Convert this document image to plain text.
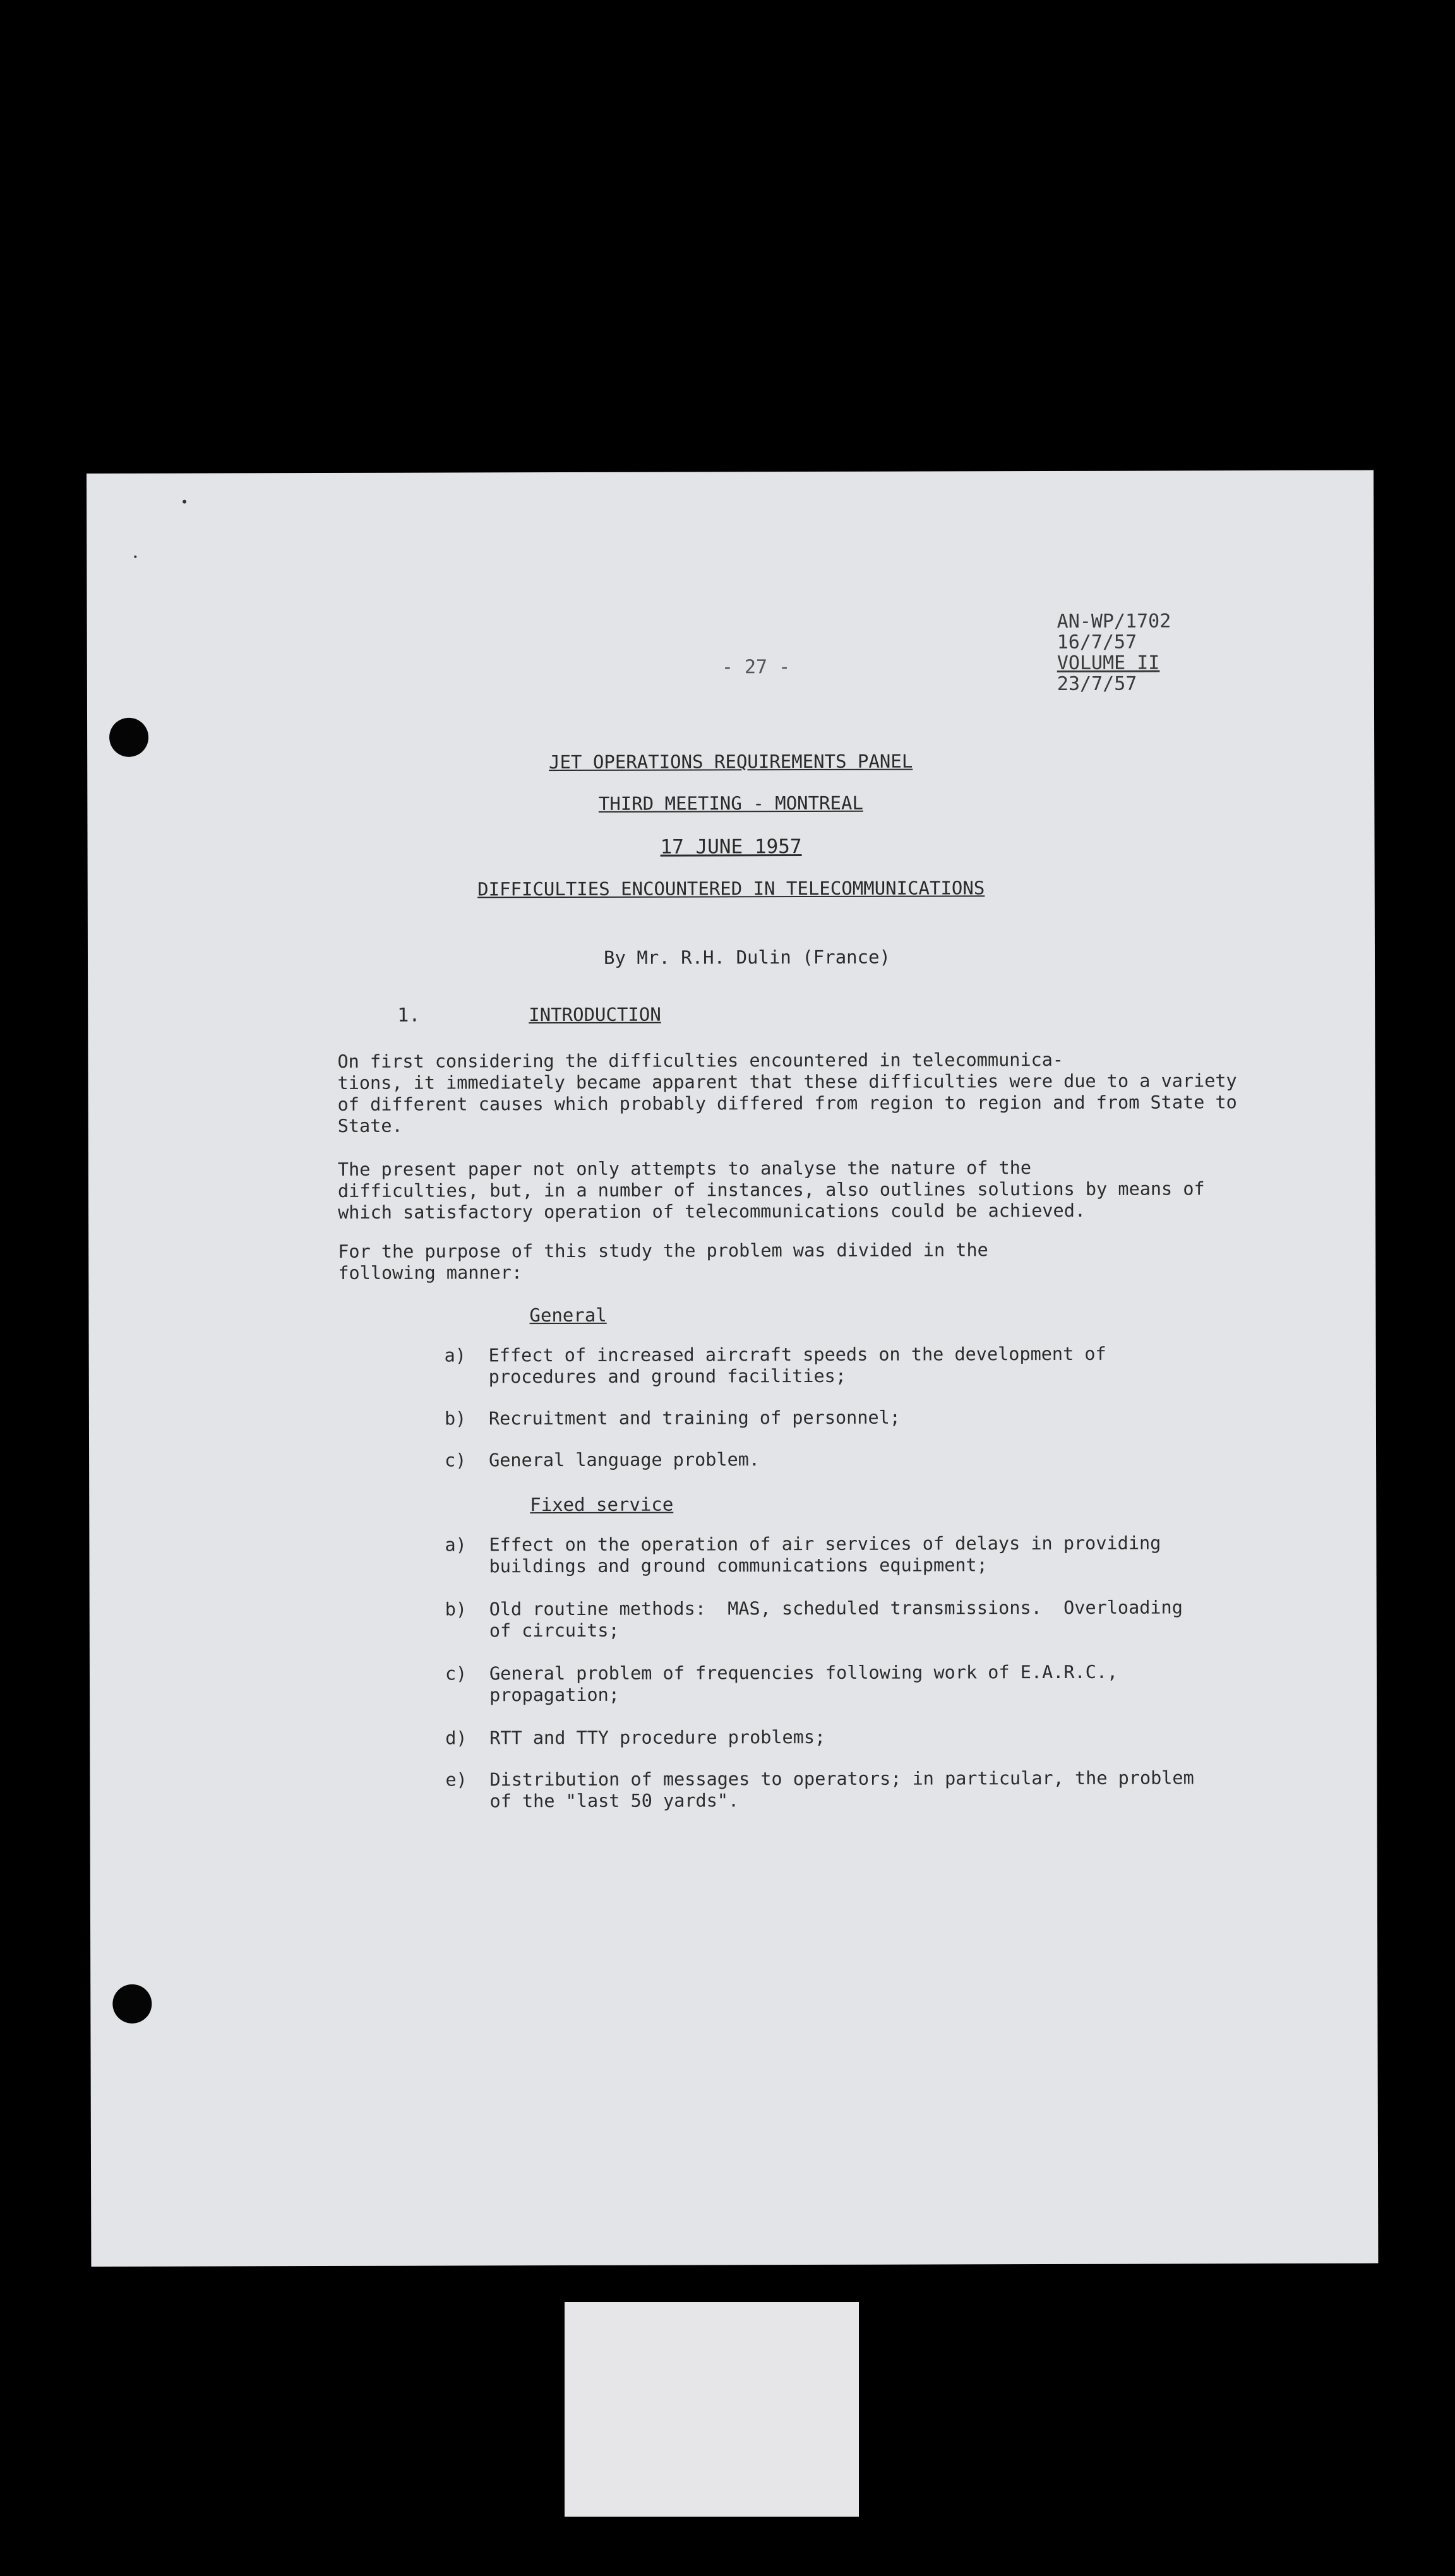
AN-WP/1702
16/7/57
VOLUME II
23/7/57
- 27 -
JET OPERATIONS REQUIREMENTS PANEL
THIRD MEETING - MONTREAL
17 JUNE 1957
DIFFICULTIES ENCOUNTERED IN TELECOMMUNICATIONS
By Mr. R.H. Dulin (France)
1.	INTRODUCTION
On first considering the difficulties encountered in telecommunica-
tions, it immediately became apparent that these difficulties were due to a variety
of different causes which probably differed from region to region and from State to
State.
The present paper not only attempts to analyse the nature of the
difficulties, but, in a number of instances, also outlines solutions by means of
which satisfactory operation of telecommunications could be achieved.
For the purpose of this study the problem was divided in the
following manner:
General
a) Effect of increased aircraft speeds on the development of
procedures and ground facilities;
b) Recruitment and training of personnel;
c) General language problem.
Fixed service
a) Effect on the operation of air services of delays in providing
buildings and ground communications equipment;
b) Old routine methods:  MAS, scheduled transmissions.  Overloading
of circuits;
c) General problem of frequencies following work of E.A.R.C.,
propagation;
d) RTT and TTY procedure problems;
e) Distribution of messages to operators; in particular, the problem
of the "last 50 yards".
